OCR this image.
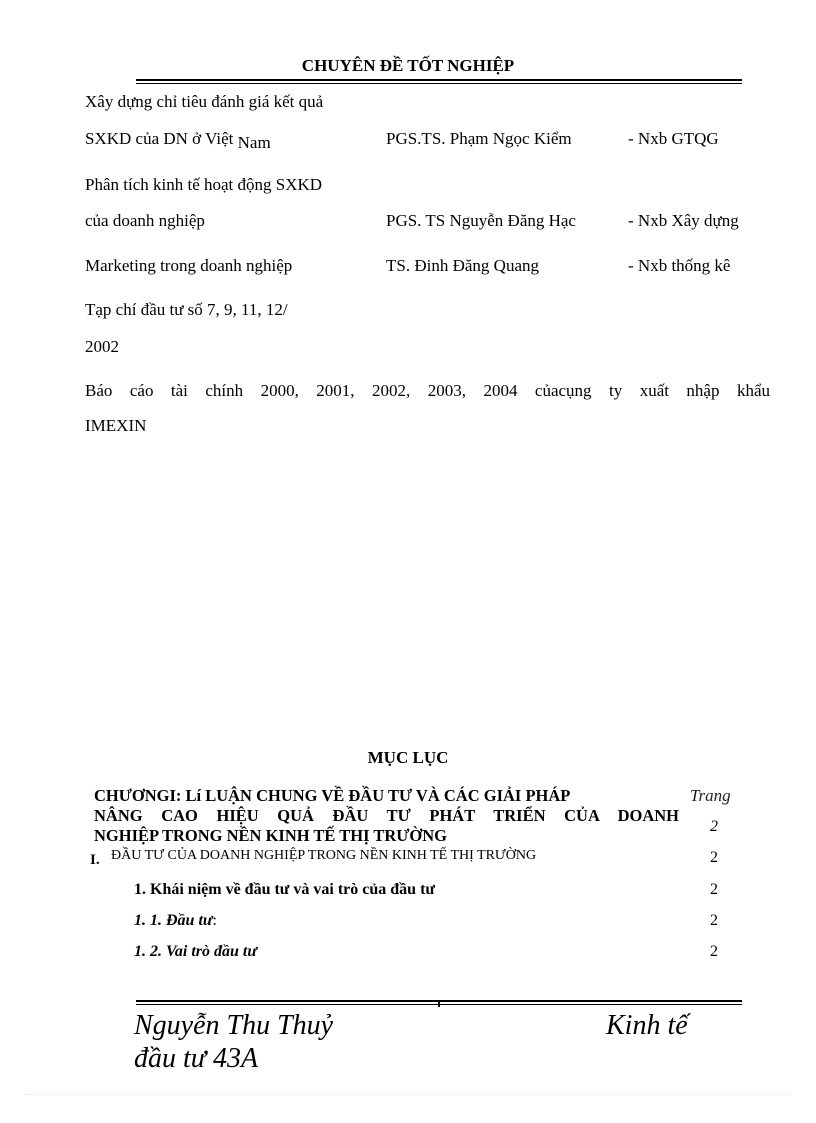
CHUYÊN ĐỀ TỐT NGHIỆP
Xây dựng chỉ tiêu đánh giá kết quả
SXKD của DN ở Việt Nam	PGS.TS. Phạm Ngọc Kiểm	- Nxb GTQG
Phân tích kinh tế hoạt động SXKD
của doanh nghiệp	PGS. TS Nguyễn Đăng Hạc	- Nxb Xây dựng
Marketing trong doanh nghiệp	TS. Đinh Đăng Quang	- Nxb thống kê
Tạp chí đầu tư số 7, 9, 11, 12/
2002
Báo cáo tài chính 2000, 2001, 2002, 2003, 2004 củacụng ty xuất nhập khẩu
IMEXIN
MỤC LỤC
Trang
CHƯƠNGI: Lí LUẬN CHUNG VỀ ĐẦU TƯ VÀ CÁC GIẢI PHÁP
NÂNG CAO HIỆU QUẢ ĐẦU TƯ PHÁT TRIỂN CỦA DOANH
NGHIỆP TRONG NỀN KINH TẾ THỊ TRƯỜNG	2
I. ĐẦU TƯ CỦA DOANH NGHIỆP TRONG NỀN KINH TẾ THỊ TRƯỜNG	2
1. Khái niệm về đầu tư và vai trò của đầu tư	2
1. 1. Đầu tư:	2
1. 2. Vai trò đầu tư	2
Nguyễn Thu Thuỷ	Kinh tế
đầu tư 43A
